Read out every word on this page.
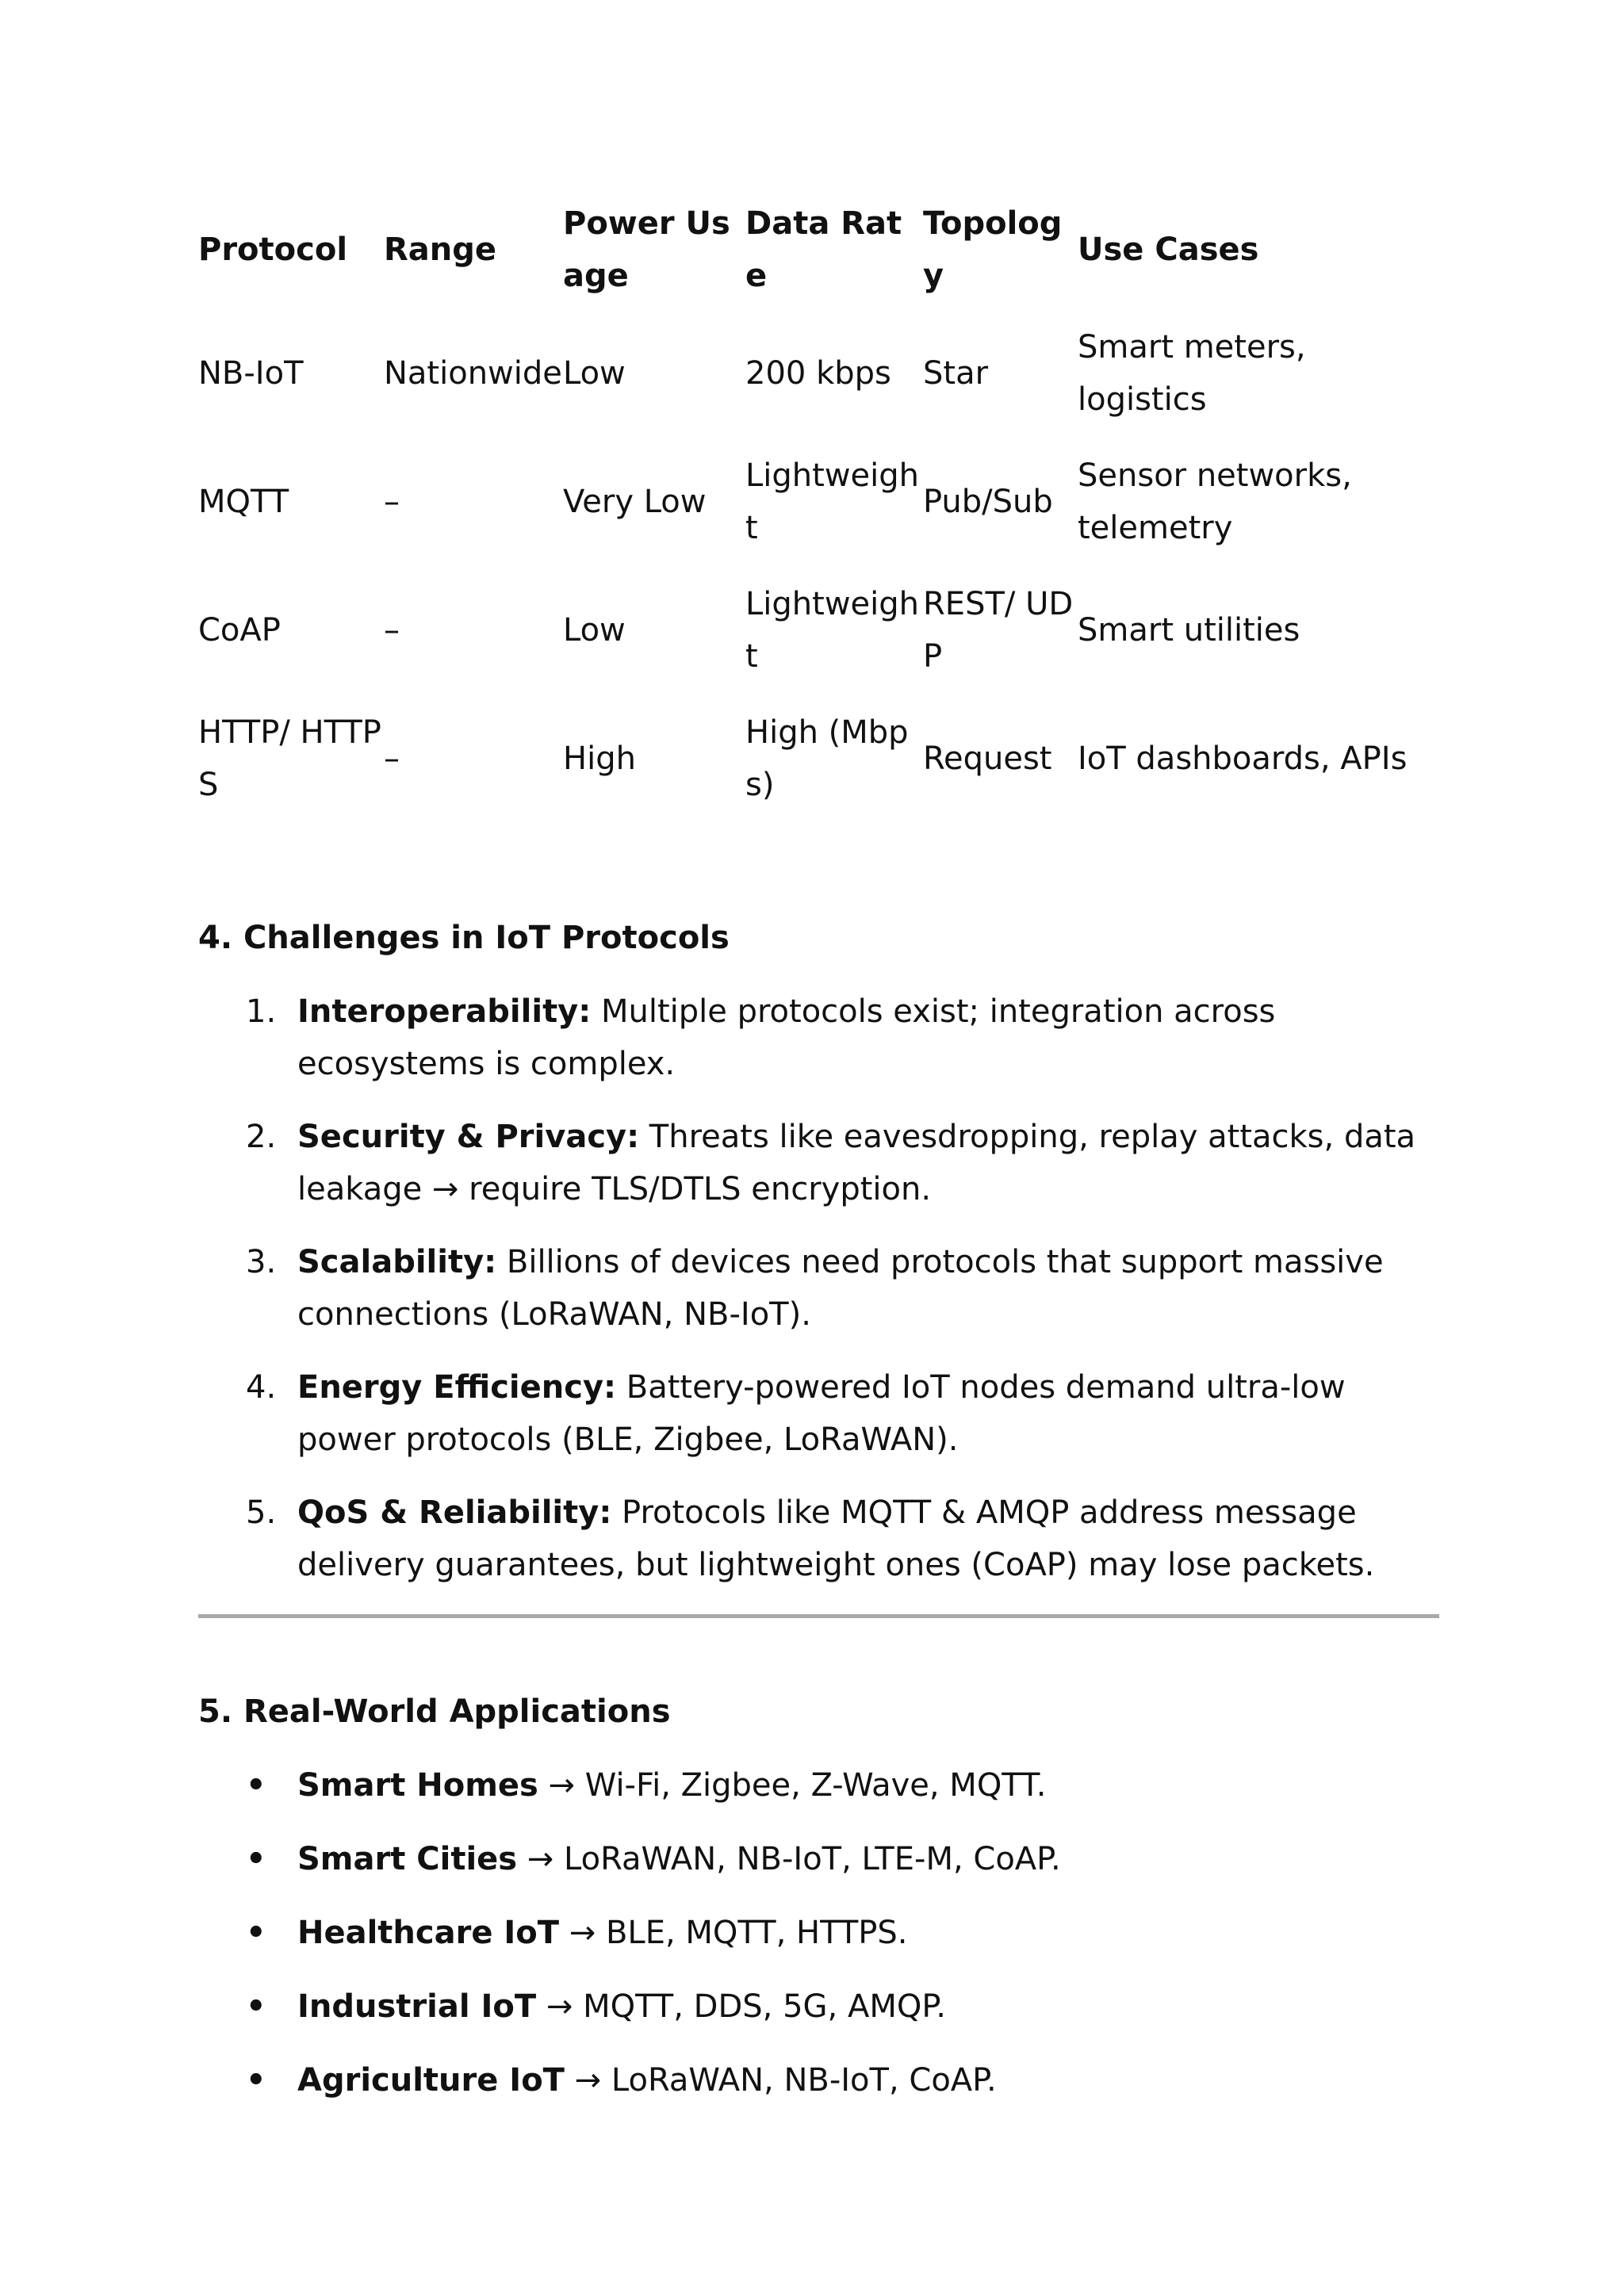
Protocol	Range	Power Usage	Data Rate	Topology	Use Cases
NB-IoT	Nationwide	Low	200 kbps	Star	Smart meters, logistics
MQTT	–	Very Low	Lightweight	Pub/Sub	Sensor networks, telemetry
CoAP	–	Low	Lightweight	REST/ UDP	Smart utilities
HTTP/ HTTPS	–	High	High (Mbps)	Request	IoT dashboards, APIs
4. Challenges in IoT Protocols
1. Interoperability: Multiple protocols exist; integration across ecosystems is complex.
2. Security & Privacy: Threats like eavesdropping, replay attacks, data leakage → require TLS/DTLS encryption.
3. Scalability: Billions of devices need protocols that support massive connections (LoRaWAN, NB-IoT).
4. Energy Efficiency: Battery-powered IoT nodes demand ultra-low power protocols (BLE, Zigbee, LoRaWAN).
5. QoS & Reliability: Protocols like MQTT & AMQP address message delivery guarantees, but lightweight ones (CoAP) may lose packets.
5. Real-World Applications
• Smart Homes → Wi-Fi, Zigbee, Z-Wave, MQTT.
• Smart Cities → LoRaWAN, NB-IoT, LTE-M, CoAP.
• Healthcare IoT → BLE, MQTT, HTTPS.
• Industrial IoT → MQTT, DDS, 5G, AMQP.
• Agriculture IoT → LoRaWAN, NB-IoT, CoAP.
